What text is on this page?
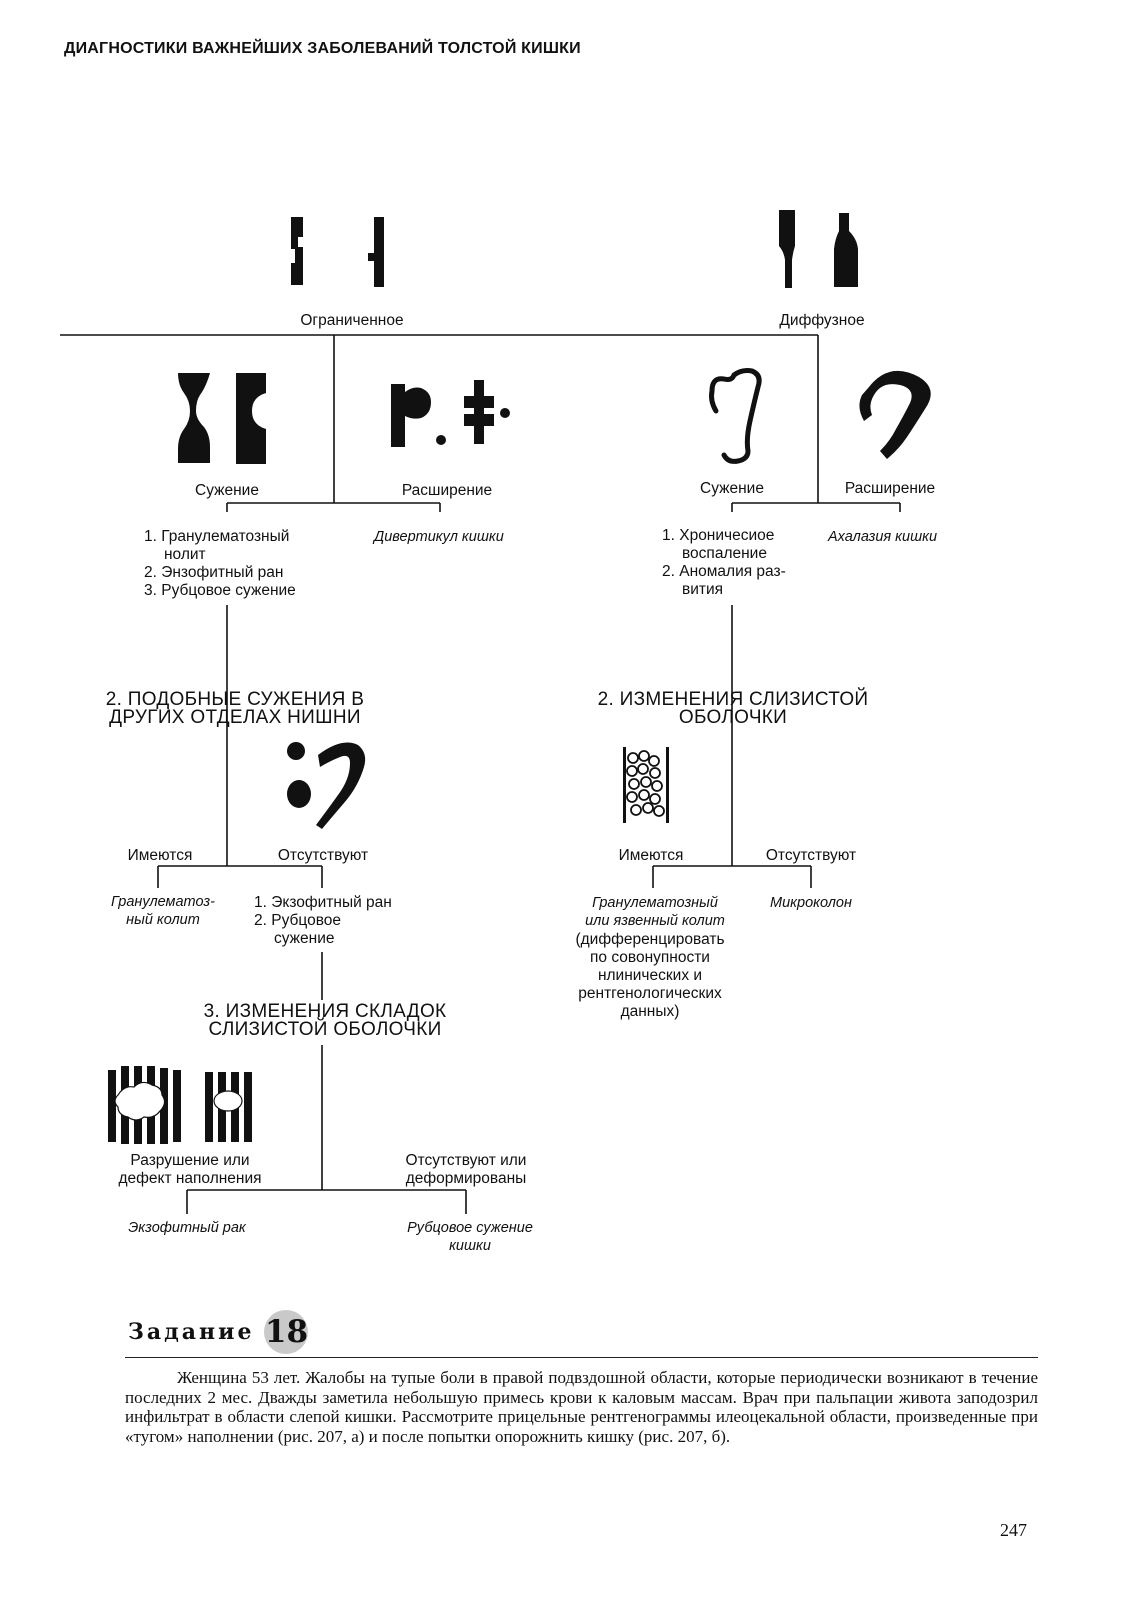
ДИАГНОСТИКИ ВАЖНЕЙШИХ ЗАБОЛЕВАНИЙ ТОЛСТОЙ КИШКИ
Ограниченное	Диффузное
Сужение	Расширение
1. Гранулематозный
нолит
2. Энзофитный ран
3. Рубцовое сужение
Дивертикул кишки
2. ПОДОБНЫЕ СУЖЕНИЯ В
ДРУГИХ ОТДЕЛАХ НИШНИ
Имеются	Отсутствуют
Гранулематоз-
ный колит
1. Экзофитный ран
2. Рубцовое
сужение
3. ИЗМЕНЕНИЯ СКЛАДОК
СЛИЗИСТОЙ ОБОЛОЧКИ
Разрушение или
дефект наполнения
Отсутствуют или
деформированы
Экзофитный рак	Рубцовое сужение
кишки
Сужение	Расширение
1. Хроничесиое
воспаление
2. Аномалия раз-
вития
Ахалазия кишки
2. ИЗМЕНЕНИЯ СЛИЗИСТОЙ
ОБОЛОЧКИ
Имеются	Отсутствуют
Гранулематозный
или язвенный колит
(дифференцировать
по совонупности
нлинических и
рентгенологических
данных)
Микроколон
Задание 18
Женщина 53 лет. Жалобы на тупые боли в правой подвздошной области, которые периодически возникают в течение последних 2 мес. Дважды заметила небольшую примесь крови к каловым массам. Врач при пальпации живота заподозрил инфильтрат в области слепой кишки. Рассмотрите прицельные рентгенограммы илеоцекальной области, произведенные при «тугом» наполнении (рис. 207, а) и после попытки опорожнить кишку (рис. 207, б).
247
